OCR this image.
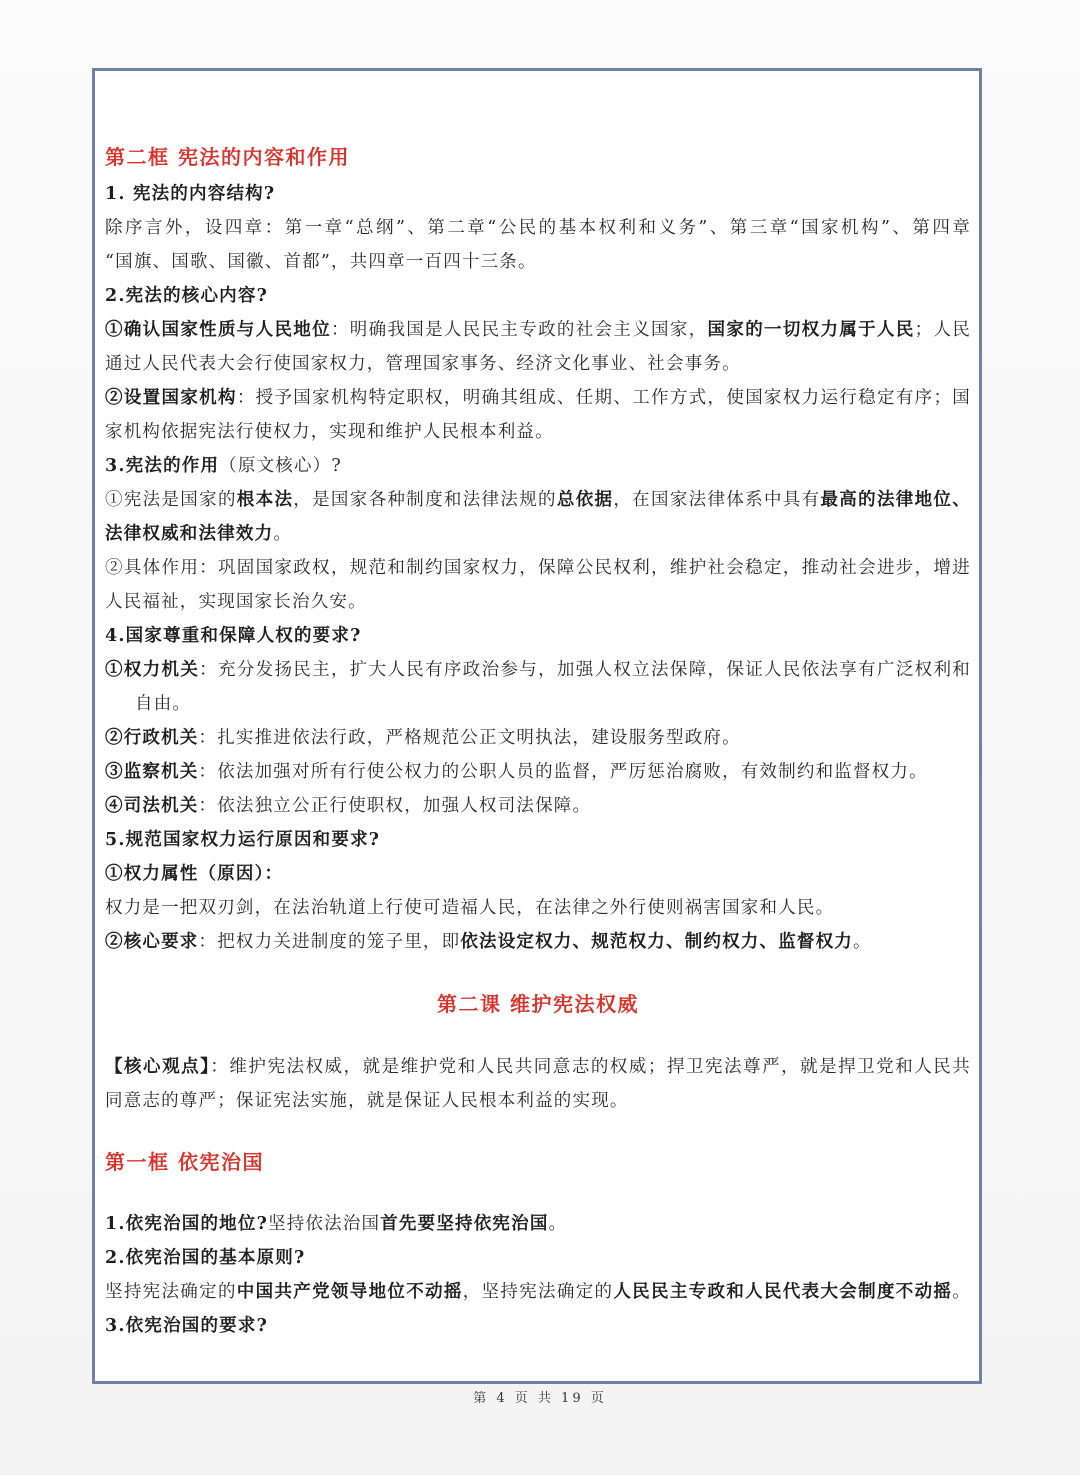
第二框 宪法的内容和作用
1. 宪法的内容结构?
除序言外，设四章：第一章“总纲”、第二章“公民的基本权利和义务”、第三章“国家机构”、第四章
“国旗、国歌、国徽、首都”，共四章一百四十三条。
2.宪法的核心内容?
①确认国家性质与人民地位：明确我国是人民民主专政的社会主义国家，国家的一切权力属于人民；人民
通过人民代表大会行使国家权力，管理国家事务、经济文化事业、社会事务。
②设置国家机构：授予国家机构特定职权，明确其组成、任期、工作方式，使国家权力运行稳定有序；国
家机构依据宪法行使权力，实现和维护人民根本利益。
3.宪法的作用（原文核心）?
①宪法是国家的根本法，是国家各种制度和法律法规的总依据，在国家法律体系中具有最高的法律地位、
法律权威和法律效力。
②具体作用：巩固国家政权，规范和制约国家权力，保障公民权利，维护社会稳定，推动社会进步，增进
人民福祉，实现国家长治久安。
4.国家尊重和保障人权的要求?
①权力机关：充分发扬民主，扩大人民有序政治参与，加强人权立法保障，保证人民依法享有广泛权利和
自由。
②行政机关：扎实推进依法行政，严格规范公正文明执法，建设服务型政府。
③监察机关：依法加强对所有行使公权力的公职人员的监督，严厉惩治腐败，有效制约和监督权力。
④司法机关：依法独立公正行使职权，加强人权司法保障。
5.规范国家权力运行原因和要求?
①权力属性（原因）：
权力是一把双刃剑，在法治轨道上行使可造福人民，在法律之外行使则祸害国家和人民。
②核心要求：把权力关进制度的笼子里，即依法设定权力、规范权力、制约权力、监督权力。
第二课 维护宪法权威
【核心观点】：维护宪法权威，就是维护党和人民共同意志的权威；捍卫宪法尊严，就是捍卫党和人民共
同意志的尊严；保证宪法实施，就是保证人民根本利益的实现。
第一框 依宪治国
1.依宪治国的地位?坚持依法治国首先要坚持依宪治国。
2.依宪治国的基本原则?
坚持宪法确定的中国共产党领导地位不动摇，坚持宪法确定的人民民主专政和人民代表大会制度不动摇。
3.依宪治国的要求?
第 4 页 共 19 页
